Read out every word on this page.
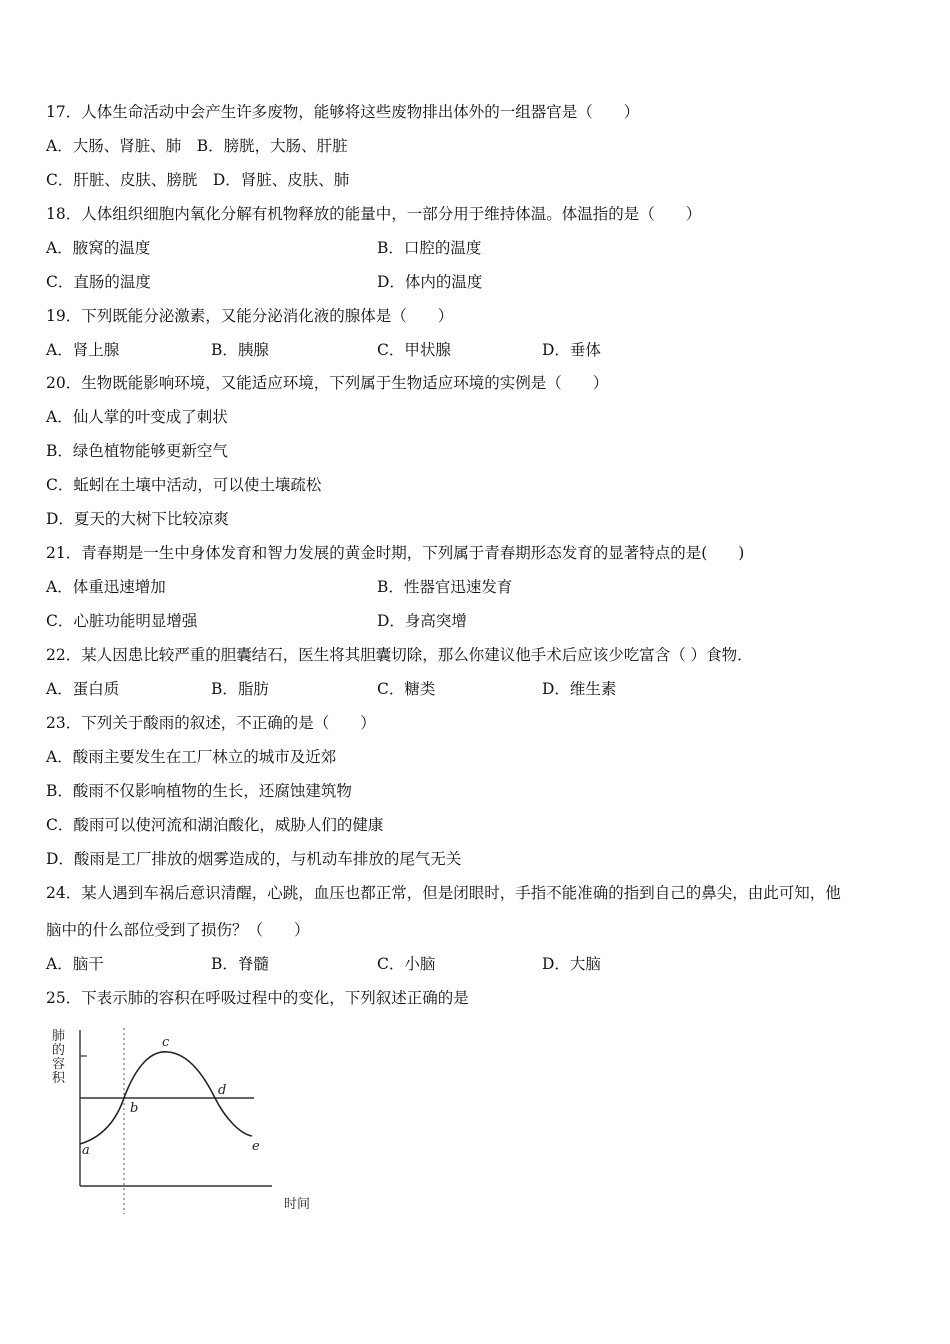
17．人体生命活动中会产生许多废物，能够将这些废物排出体外的一组器官是（　　）
A．大肠、肾脏、肺　B．膀胱，大肠、肝脏
C．肝脏、皮肤、膀胱　D．肾脏、皮肤、肺
18．人体组织细胞内氧化分解有机物释放的能量中，一部分用于维持体温。体温指的是（　　）
A．腋窝的温度	B．口腔的温度
C．直肠的温度	D．体内的温度
19．下列既能分泌激素，又能分泌消化液的腺体是（　　）
A．肾上腺	B．胰腺	C．甲状腺	D．垂体
20．生物既能影响环境，又能适应环境，下列属于生物适应环境的实例是（　　）
A．仙人掌的叶变成了刺状
B．绿色植物能够更新空气
C．蚯蚓在土壤中活动，可以使土壤疏松
D．夏天的大树下比较凉爽
21．青春期是一生中身体发育和智力发展的黄金时期，下列属于青春期形态发育的显著特点的是(　　)
A．体重迅速增加	B．性器官迅速发育
C．心脏功能明显增强	D．身高突增
22．某人因患比较严重的胆囊结石，医生将其胆囊切除，那么你建议他手术后应该少吃富含（ ）食物．
A．蛋白质	B．脂肪	C．糖类	D．维生素
23．下列关于酸雨的叙述，不正确的是（　　）
A．酸雨主要发生在工厂林立的城市及近郊
B．酸雨不仅影响植物的生长，还腐蚀建筑物
C．酸雨可以使河流和湖泊酸化，威胁人们的健康
D．酸雨是工厂排放的烟雾造成的，与机动车排放的尾气无关
24．某人遇到车祸后意识清醒，心跳，血压也都正常，但是闭眼时，手指不能准确的指到自己的鼻尖，由此可知，他
脑中的什么部位受到了损伤？（　　）
A．脑干	B．脊髓	C．小脑	D．大脑
25．下表示肺的容积在呼吸过程中的变化，下列叙述正确的是
a
b
c
d
e
肺 的 容 积
时间
